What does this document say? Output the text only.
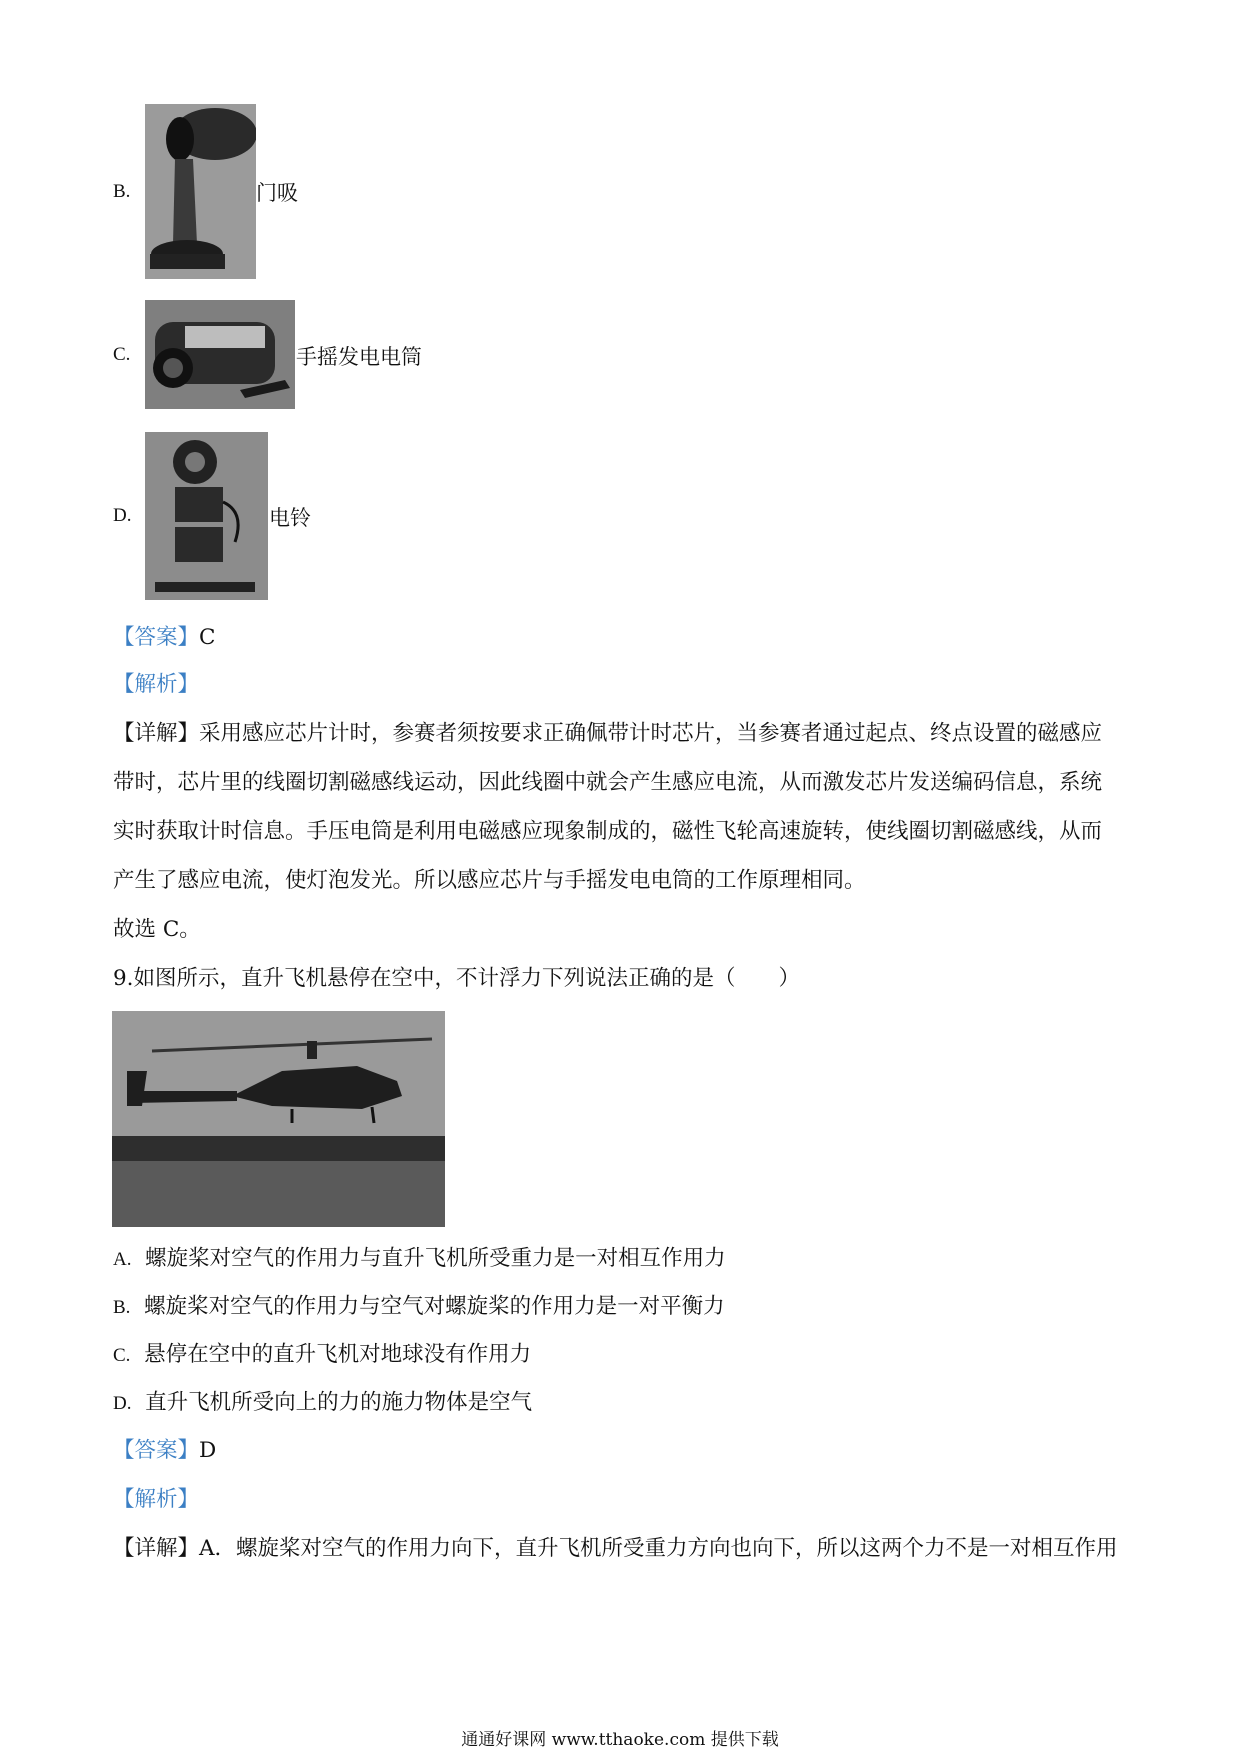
B.	门吸
C.	手摇发电电筒
D.	电铃
【答案】C
【解析】
【详解】采用感应芯片计时，参赛者须按要求正确佩带计时芯片，当参赛者通过起点、终点设置的磁感应
带时，芯片里的线圈切割磁感线运动，因此线圈中就会产生感应电流，从而激发芯片发送编码信息，系统
实时获取计时信息。手压电筒是利用电磁感应现象制成的，磁性飞轮高速旋转，使线圈切割磁感线，从而
产生了感应电流，使灯泡发光。所以感应芯片与手摇发电电筒的工作原理相同。
故选 C。
9.如图所示，直升飞机悬停在空中，不计浮力下列说法正确的是（　　）
A. 螺旋桨对空气的作用力与直升飞机所受重力是一对相互作用力
B. 螺旋桨对空气的作用力与空气对螺旋桨的作用力是一对平衡力
C. 悬停在空中的直升飞机对地球没有作用力
D. 直升飞机所受向上的力的施力物体是空气
【答案】D
【解析】
【详解】A．螺旋桨对空气的作用力向下，直升飞机所受重力方向也向下，所以这两个力不是一对相互作用
通通好课网 www.tthaoke.com 提供下载
